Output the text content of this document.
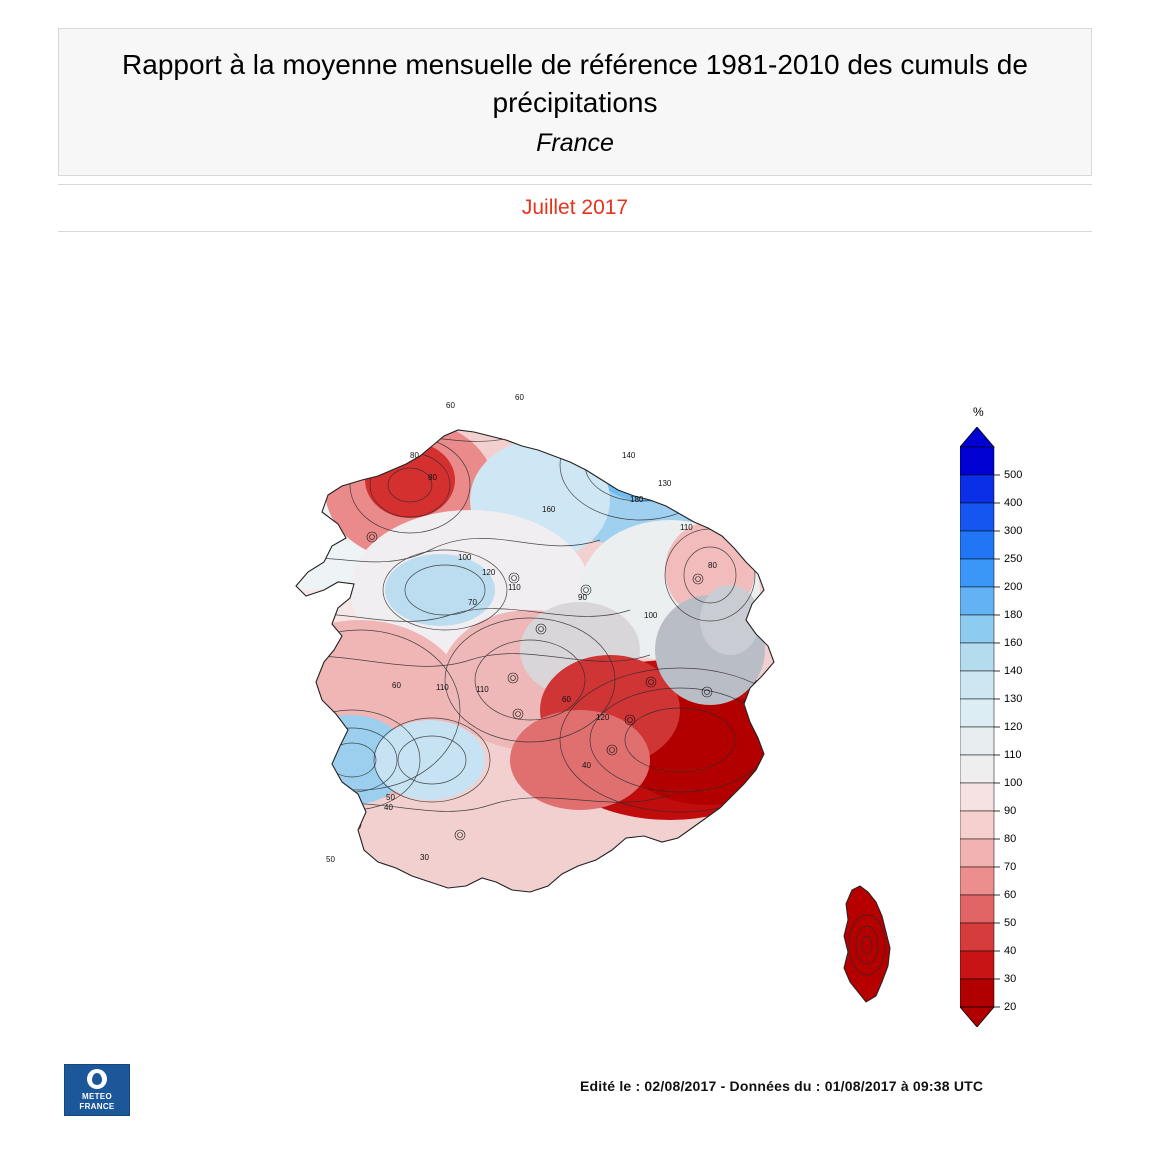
Rapport à la moyenne mensuelle de référence 1981-2010 des cumuls de précipitations
France
Juillet 2017
60
60
80
80
140
130
180
160
110
80
100
120
110
70
100
90
110	110
60
50
40
30
50
60
120
40
%
500
400
300
250
200
180
160
140
130
120
110
100
90
80
70
60
50
40
30
20
METEO
FRANCE
Edité le : 02/08/2017 - Données du : 01/08/2017 à 09:38 UTC
